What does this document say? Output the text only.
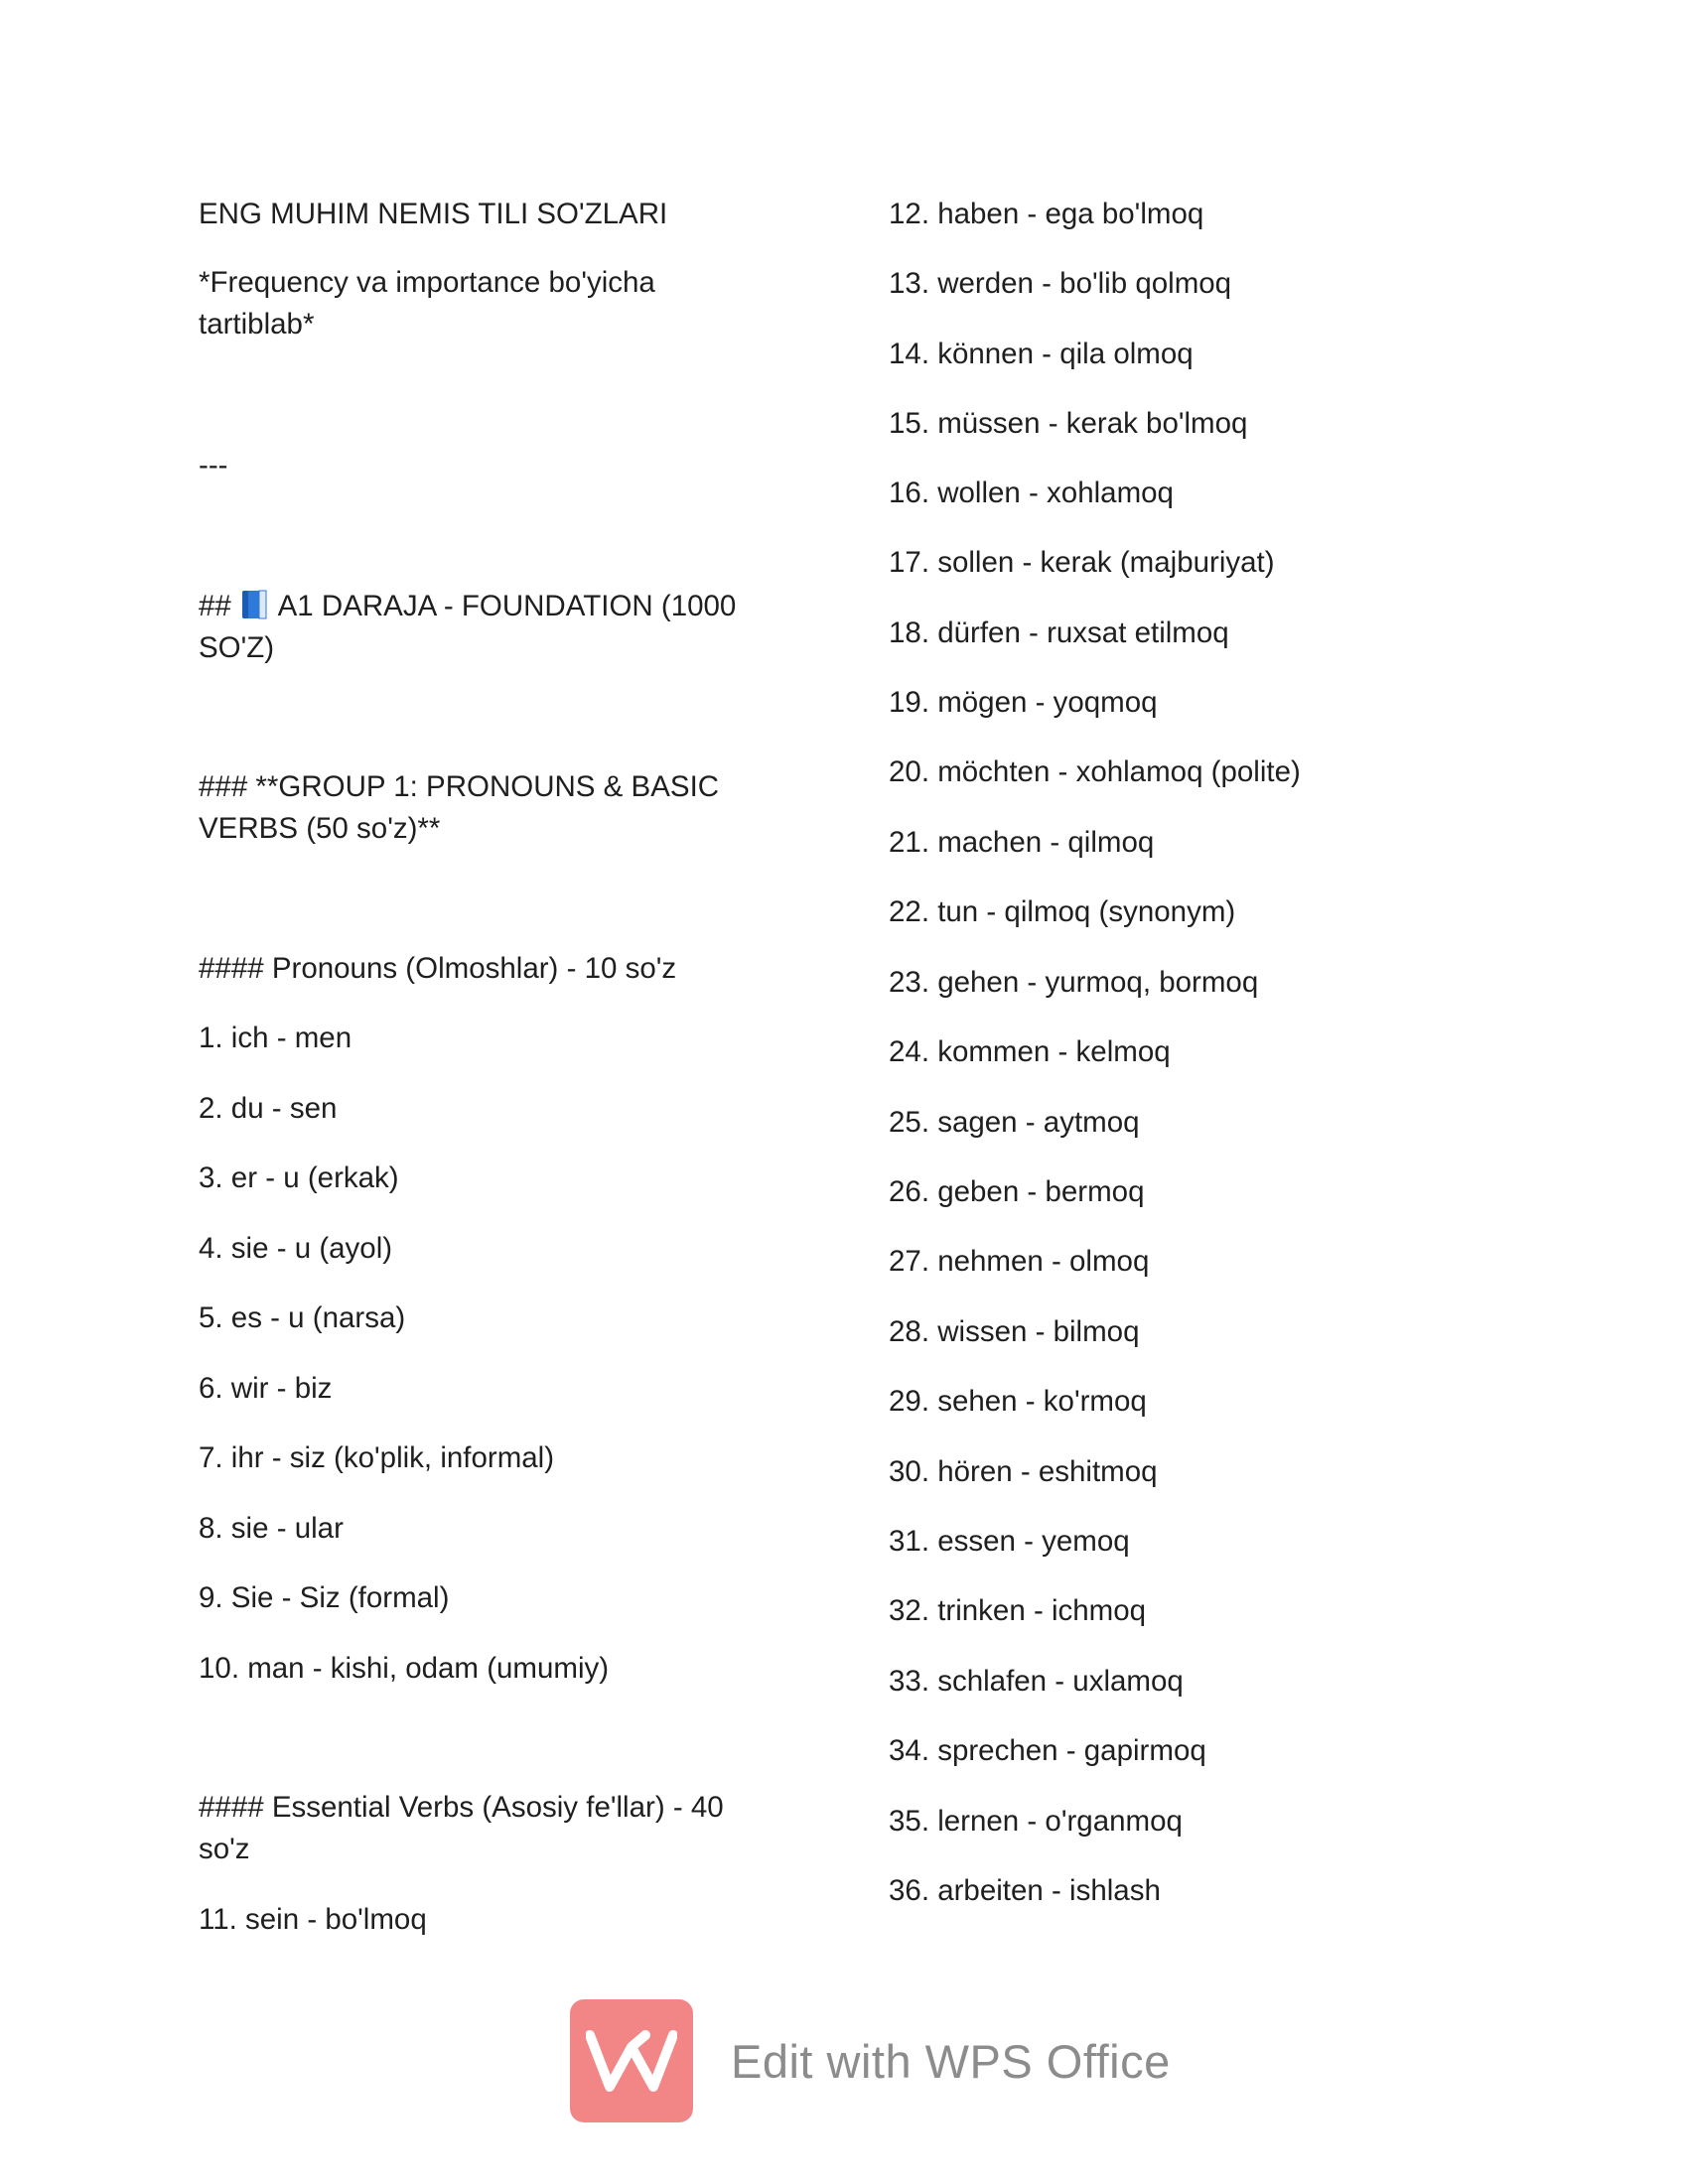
ENG MUHIM NEMIS TILI SO'ZLARI
*Frequency va importance bo'yicha tartiblab*
---
## A1 DARAJA - FOUNDATION (1000 SO'Z)
### **GROUP 1: PRONOUNS & BASIC VERBS (50 so'z)**
#### Pronouns (Olmoshlar) - 10 so'z
1. ich - men
2. du - sen
3. er - u (erkak)
4. sie - u (ayol)
5. es - u (narsa)
6. wir - biz
7. ihr - siz (ko'plik, informal)
8. sie - ular
9. Sie - Siz (formal)
10. man - kishi, odam (umumiy)
#### Essential Verbs (Asosiy fe'llar) - 40 so'z
11. sein - bo'lmoq
12. haben - ega bo'lmoq
13. werden - bo'lib qolmoq
14. können - qila olmoq
15. müssen - kerak bo'lmoq
16. wollen - xohlamoq
17. sollen - kerak (majburiyat)
18. dürfen - ruxsat etilmoq
19. mögen - yoqmoq
20. möchten - xohlamoq (polite)
21. machen - qilmoq
22. tun - qilmoq (synonym)
23. gehen - yurmoq, bormoq
24. kommen - kelmoq
25. sagen - aytmoq
26. geben - bermoq
27. nehmen - olmoq
28. wissen - bilmoq
29. sehen - ko'rmoq
30. hören - eshitmoq
31. essen - yemoq
32. trinken - ichmoq
33. schlafen - uxlamoq
34. sprechen - gapirmoq
35. lernen - o'rganmoq
36. arbeiten - ishlash
Edit with WPS Office
